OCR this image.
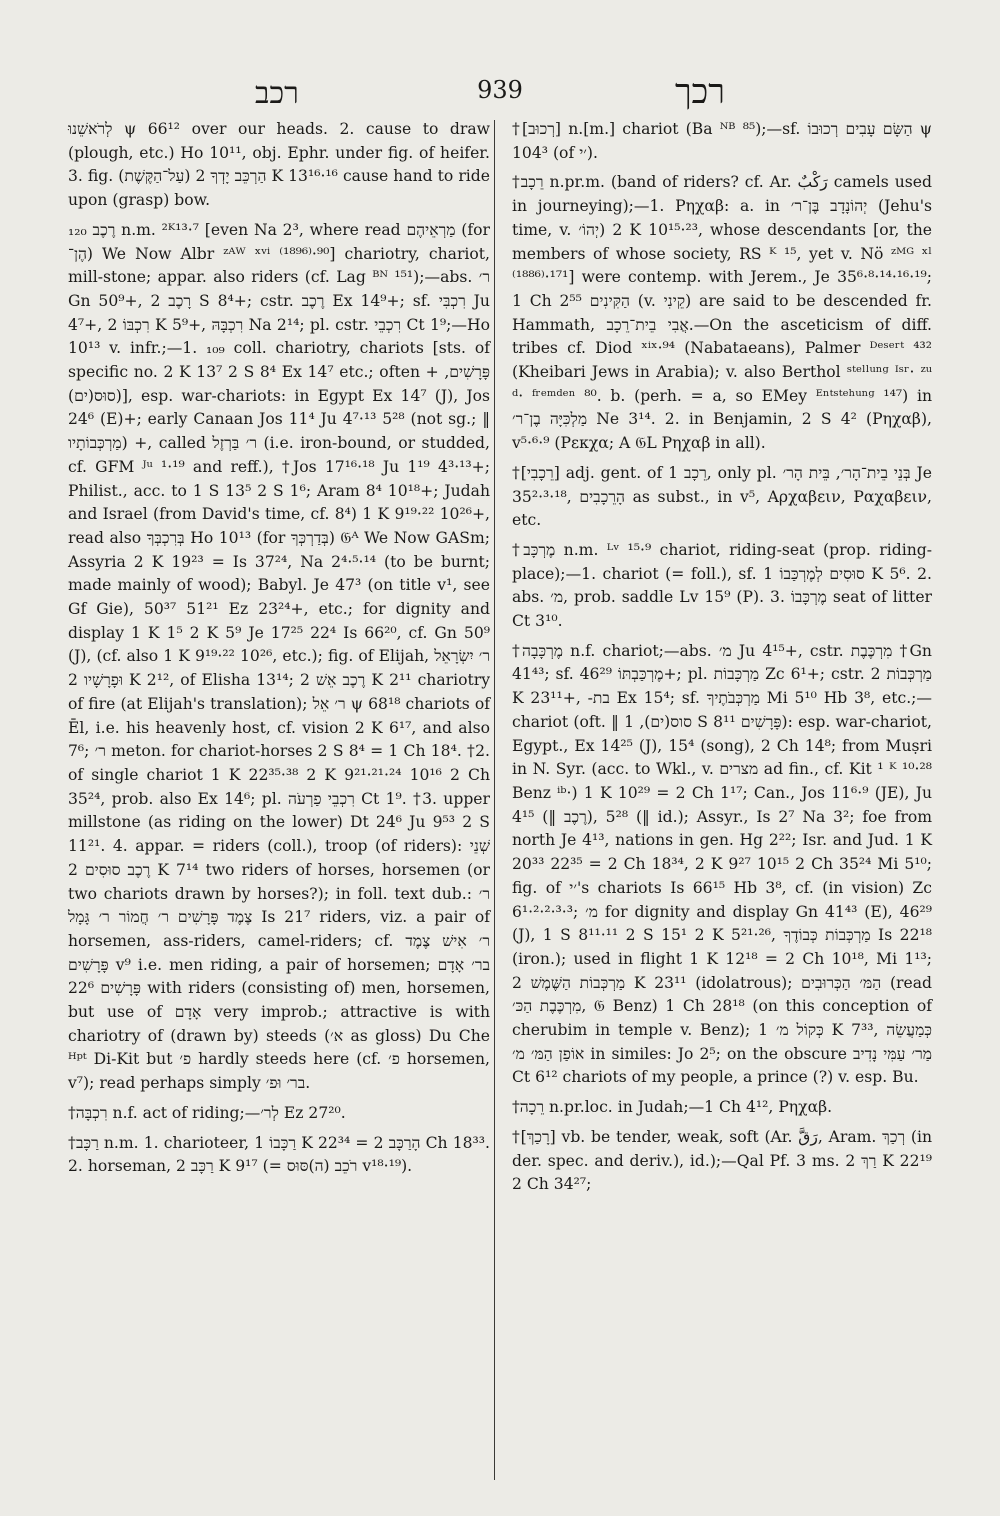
רכב	939	רכך

לְרֹאשֵׁנוּ ψ 66¹² over our heads. 2. cause to draw (plough, etc.) Ho 10¹¹, obj. Ephr. under fig. of heifer. 3. fig. (עַל־הַקֶּשֶׁת) הַרְכֵּב יָדְךָ 2 K 13¹⁶·¹⁶ cause hand to ride upon (grasp) bow.

רֶכֶב ₁₂₀ n.m. ²ᴷ¹³·⁷ [even Na 2³, where read מַרְאֵיהֶם (for הֶן־) We Now Albr ᶻᴬᵂ ˣᵛⁱ ⁽¹⁸⁹⁶⁾·⁹⁰] chariotry, chariot, mill-stone; appar. also riders (cf. Lag ᴮᴺ ¹⁵¹);—abs. ר׳ Gn 50⁹+, רָכֶב 2 S 8⁴+; cstr. רֶכֶב Ex 14⁹+; sf. רִכְבִּי Ju 4⁷+, רִכְבּוֹ 2 K 5⁹+, רִכְבָּהּ Na 2¹⁴; pl. cstr. רִכְבֵי Ct 1⁹;—Ho 10¹³ v. infr.;—1. ₁₀₉ coll. chariotry, chariots [sts. of specific no. 2 K 13⁷ 2 S 8⁴ Ex 14⁷ etc.; often + פָּרָשִׁים, (סוּס(ים)], esp. war-chariots: in Egypt Ex 14⁷ (J), Jos 24⁶ (E)+; early Canaan Jos 11⁴ Ju 4⁷·¹³ 5²⁸ (not sg.; ‖ מַרְכְּבוֹתָיו) +, called ר׳ בַּרְזֶל (i.e. iron-bound, or studded, cf. GFM ᴶᵘ ¹·¹⁹ and reff.), †Jos 17¹⁶·¹⁸ Ju 1¹⁹ 4³·¹³+; Philist., acc. to 1 S 13⁵ 2 S 1⁶; Aram 8⁴ 10¹⁸+; Judah and Israel (from David's time, cf. 8⁴) 1 K 9¹⁹·²² 10²⁶+, read also בְּרִכְבְּךָ Ho 10¹³ (for בְּדַרְכְּךָ) 𝔊ᴬ We Now GASm; Assyria 2 K 19²³ = Is 37²⁴, Na 2⁴·⁵·¹⁴ (to be burnt; made mainly of wood); Babyl. Je 47³ (on title v¹, see Gf Gie), 50³⁷ 51²¹ Ez 23²⁴+, etc.; for dignity and display 1 K 1⁵ 2 K 5⁹ Je 17²⁵ 22⁴ Is 66²⁰, cf. Gn 50⁹ (J), (cf. also 1 K 9¹⁹·²² 10²⁶, etc.); fig. of Elijah, ר׳ יִשְׂרָאֵל וּפָרָשָׁיו 2 K 2¹², of Elisha 13¹⁴; רֶכֶב אֵשׁ 2 K 2¹¹ chariotry of fire (at Elijah's translation); ר׳ אֵל ψ 68¹⁸ chariots of Ēl, i.e. his heavenly host, cf. vision 2 K 6¹⁷, and also 7⁶; ר׳ meton. for chariot-horses 2 S 8⁴ = 1 Ch 18⁴. †2. of single chariot 1 K 22³⁵·³⁸ 2 K 9²¹·²¹·²⁴ 10¹⁶ 2 Ch 35²⁴, prob. also Ex 14⁶; pl. רִכְבֵי פַרְעֹה Ct 1⁹. †3. upper millstone (as riding on the lower) Dt 24⁶ Ju 9⁵³ 2 S 11²¹. 4. appar. = riders (coll.), troop (of riders): שְׁנֵי רֶכֶב סוּסִים 2 K 7¹⁴ two riders of horses, horsemen (or two chariots drawn by horses?); in foll. text dub.: ר׳ צֶמֶד פָּרָשִׁים ר׳ חֲמוֹר ר׳ גָּמָל Is 21⁷ riders, viz. a pair of horsemen, ass-riders, camel-riders; cf. ר׳ אִישׁ צֶמֶד פָּרָשִׁים v⁹ i.e. men riding, a pair of horsemen; בר׳ אָדָם פָּרָשִׁים 22⁶ with riders (consisting of) men, horsemen, but use of אָדָם very improb.; attractive is with chariotry of (drawn by) steeds (א׳ as gloss) Du Che ᴴᵖᵗ Di-Kit but פ׳ hardly steeds here (cf. פ׳ horsemen, v⁷); read perhaps simply בר׳ וּפ׳.

†רִכְבָּה n.f. act of riding;—לְר׳ Ez 27²⁰.

†רַכָּב n.m. 1. charioteer, רַכָּבוֹ 1 K 22³⁴ = הָרַכָּב 2 Ch 18³³. 2. horseman, רַכָּב 2 K 9¹⁷ (= רֹכֵב (ה)סּוּס v¹⁸·¹⁹).

†[רְכוּב] n.[m.] chariot (Ba ᴺᴮ ⁸⁵);—sf. הַשָּׂם עָבִים רְכוּבוֹ ψ 104³ (of ׳י).

†רֵכָב n.pr.m. (band of riders? cf. Ar. رَكْبٌ camels used in journeying);—1. Ρηχαβ: a. in יְהוֹנָדָב בֶּן־ר׳ (Jehu's time, v. יְהוֹ׳) 2 K 10¹⁵·²³, whose descendants [or, the members of whose society, RS ᴷ ¹⁵, yet v. Nö ᶻᴹᴳ ˣˡ ⁽¹⁸⁸⁶⁾·¹⁷¹] were contemp. with Jerem., Je 35⁶·⁸·¹⁴·¹⁶·¹⁹; 1 Ch 2⁵⁵ הַקִּינִים (v. קֵינִי) are said to be descended fr. Hammath, אֲבִי בֵית־רֵכָב.—On the asceticism of diff. tribes cf. Diod ˣⁱˣ·⁹⁴ (Nabataeans), Palmer ᴰᵉˢᵉʳᵗ ⁴³² (Kheibari Jews in Arabia); v. also Berthol ˢᵗᵉˡˡᵘⁿᵍ ᴵˢʳ· ᶻᵘ ᵈ· ᶠʳᵉᵐᵈᵉⁿ ⁸⁰. b. (perh. = a, so EMey ᴱⁿᵗˢᵗᵉʰᵘⁿᵍ ¹⁴⁷) in מַלְכִּיָּה בֶן־ר׳ Ne 3¹⁴. 2. in Benjamin, 2 S 4² (Ρηχαβ), v⁵·⁶·⁹ (Ρεκχα; A 𝔊L Ρηχαβ in all).

†[רֵכָבִי] adj. gent. of רֵכָב 1, only pl. בְּנֵי בֵית־הָר׳, בֵּית הָר׳ Je 35²·³·¹⁸, הָרֵכָבִים as subst., in v⁵, Αρχαβειν, Ραχαβειν, etc.

†מֶרְכָּב n.m. ᴸᵛ ¹⁵·⁹ chariot, riding-seat (prop. riding-place);—1. chariot (= foll.), sf. סוּסִים לְמֶרְכַּבוֹ 1 K 5⁶. 2. abs. מ׳, prob. saddle Lv 15⁹ (P). 3. מֶרְכָּבוֹ seat of litter Ct 3¹⁰.

†מֶרְכָּבָה n.f. chariot;—abs. מ׳ Ju 4¹⁵+, cstr. מִרְכֶּבֶת †Gn 41⁴³; sf. מֶרְכַּבְתּוֹ 46²⁹+; pl. מַרְכָּבוֹת Zc 6¹+; cstr. מַרְכְּבוֹת 2 K 23¹¹+, -בת Ex 15⁴; sf. מַרְכְּבֹתֶיךָ Mi 5¹⁰ Hb 3⁸, etc.;—chariot (oft. ‖ סוס(ים), 1 S 8¹¹ פָּרָשִׁים): esp. war-chariot, Egypt., Ex 14²⁵ (J), 15⁴ (song), 2 Ch 14⁸; from Muṣri in N. Syr. (acc. to Wkl., v. מצרים ad fin., cf. Kit ¹ ᴷ ¹⁰·²⁸ Benz ⁱᵇ·) 1 K 10²⁹ = 2 Ch 1¹⁷; Can., Jos 11⁶·⁹ (JE), Ju 4¹⁵ (‖ רֶכֶב), 5²⁸ (‖ id.); Assyr., Is 2⁷ Na 3²; foe from north Je 4¹³, nations in gen. Hg 2²²; Isr. and Jud. 1 K 20³³ 22³⁵ = 2 Ch 18³⁴, 2 K 9²⁷ 10¹⁵ 2 Ch 35²⁴ Mi 5¹⁰; fig. of ׳י's chariots Is 66¹⁵ Hb 3⁸, cf. (in vision) Zc 6¹·²·²·³·³; מ׳ for dignity and display Gn 41⁴³ (E), 46²⁹ (J), 1 S 8¹¹·¹¹ 2 S 15¹ 2 K 5²¹·²⁶, מַרְכְּבוֹת כְּבוֹדֶךָ Is 22¹⁸ (iron.); used in flight 1 K 12¹⁸ = 2 Ch 10¹⁸, Mi 1¹³; מַרְכְּבוֹת הַשֶּׁמֶשׁ 2 K 23¹¹ (idolatrous); הַמּ׳ הַכְּרוּבִים (read מִרְכֶּבֶת הַכּ׳, 𝔊 Benz) 1 Ch 28¹⁸ (on this conception of cherubim in temple v. Benz); כְּקוֹל מ׳ 1 K 7³³, כְּמַעֲשֵׂה אוֹפַן הַמּ׳ מ׳ in similes: Jo 2⁵; on the obscure מַר׳ עַמִּי נָדִיב Ct 6¹² chariots of my people, a prince (?) v. esp. Bu.

†רֵכָה n.pr.loc. in Judah;—1 Ch 4¹², Ρηχαβ.

†[רָכַךְ] vb. be tender, weak, soft (Ar. رَقَّ, Aram. רְכַךְ (in der. spec. and deriv.), id.);—Qal Pf. 3 ms. רַךְ 2 K 22¹⁹ 2 Ch 34²⁷;
